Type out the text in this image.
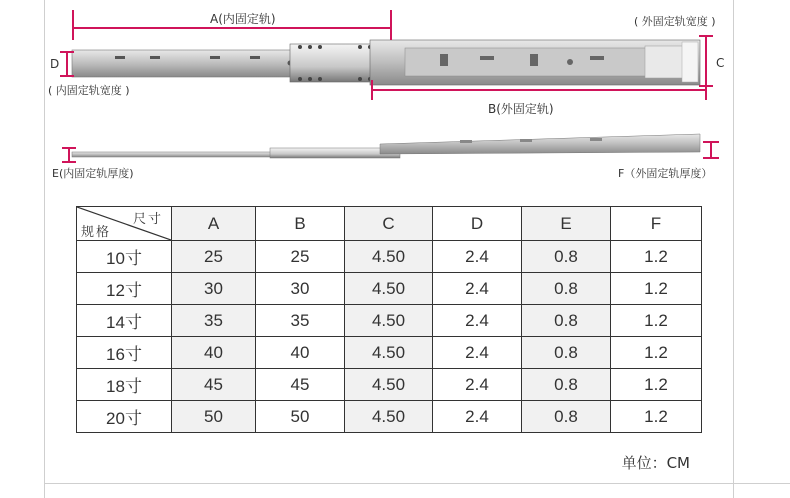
A(内固定轨)	( 外固定轨宽度 )
D	C
( 内固定轨宽度 )
B(外固定轨)
E(内固定轨厚度)	F（外固定轨厚度）
尺寸
规格	A	B	C	D	E	F
10寸	25	25	4.50	2.4	0.8	1.2
12寸	30	30	4.50	2.4	0.8	1.2
14寸	35	35	4.50	2.4	0.8	1.2
16寸	40	40	4.50	2.4	0.8	1.2
18寸	45	45	4.50	2.4	0.8	1.2
20寸	50	50	4.50	2.4	0.8	1.2
单位：CM
